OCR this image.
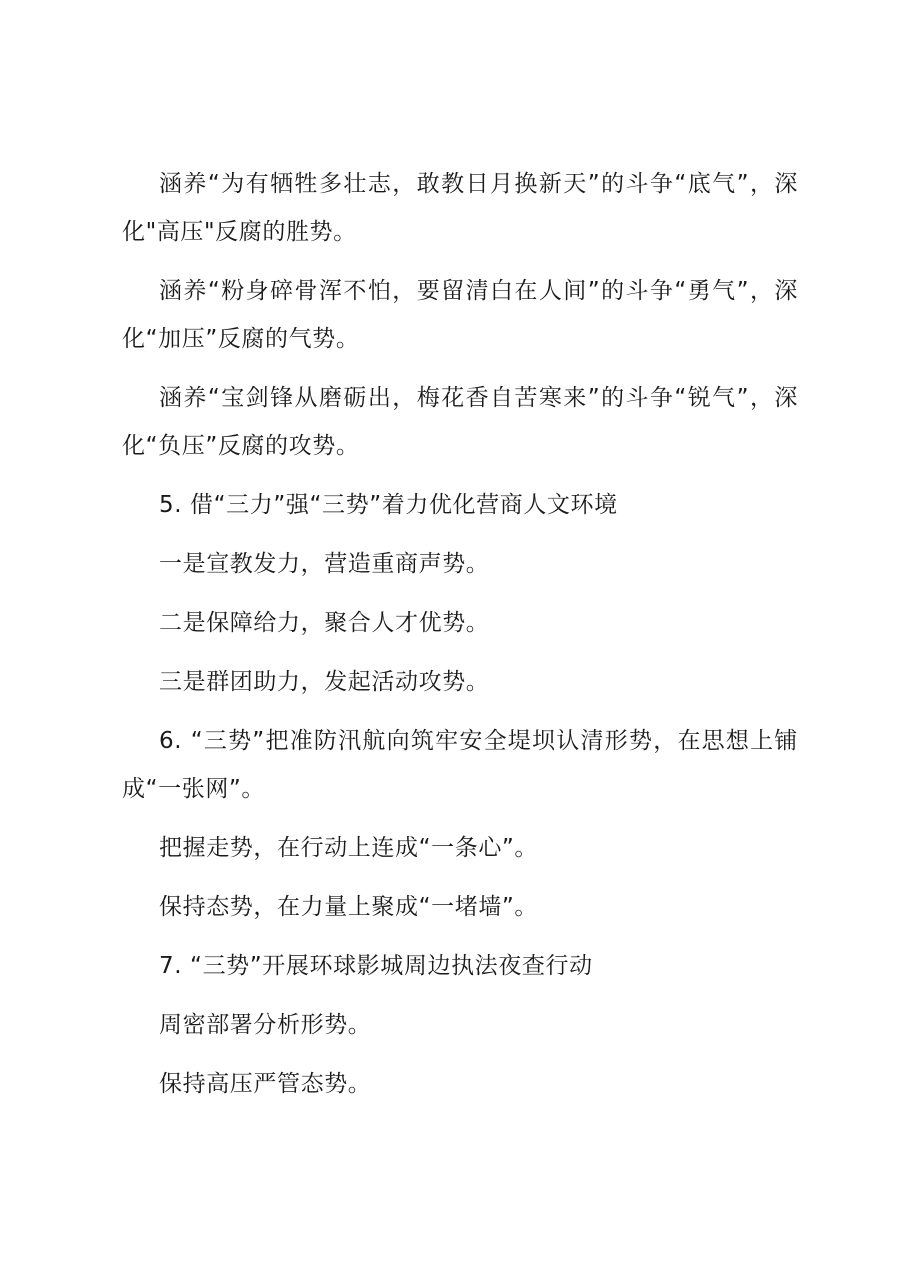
涵养“为有牺牲多壮志，敢教日月换新天”的斗争“底气”，深化"高压"反腐的胜势。

涵养“粉身碎骨浑不怕，要留清白在人间”的斗争“勇气”，深化“加压”反腐的气势。

涵养“宝剑锋从磨砺出，梅花香自苦寒来”的斗争“锐气”，深化“负压”反腐的攻势。

5. 借“三力”强“三势”着力优化营商人文环境

一是宣教发力，营造重商声势。

二是保障给力，聚合人才优势。

三是群团助力，发起活动攻势。

6. “三势”把准防汛航向筑牢安全堤坝认清形势，在思想上铺成“一张网”。

把握走势，在行动上连成“一条心”。

保持态势，在力量上聚成“一堵墙”。

7. “三势”开展环球影城周边执法夜查行动

周密部署分析形势。

保持高压严管态势。
